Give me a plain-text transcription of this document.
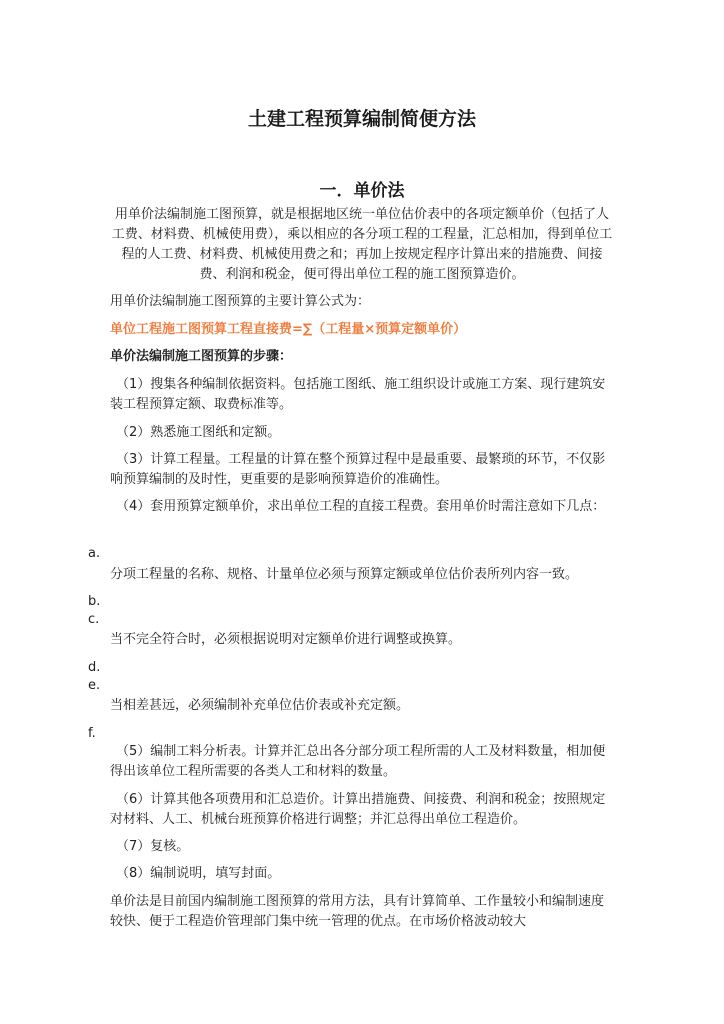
土建工程预算编制简便方法
一．单价法

用单价法编制施工图预算，就是根据地区统一单位估价表中的各项定额单价（包括了人工费、材料费、机械使用费），乘以相应的各分项工程的工程量，汇总相加，得到单位工程的人工费、材料费、机械使用费之和；再加上按规定程序计算出来的措施费、间接费、利润和税金，便可得出单位工程的施工图预算造价。

用单价法编制施工图预算的主要计算公式为：

单位工程施工图预算工程直接费=∑（工程量×预算定额单价）

单价法编制施工图预算的步骤：

（1）搜集各种编制依据资料。包括施工图纸、施工组织设计或施工方案、现行建筑安装工程预算定额、取费标准等。

（2）熟悉施工图纸和定额。

（3）计算工程量。工程量的计算在整个预算过程中是最重要、最繁琐的环节，不仅影响预算编制的及时性，更重要的是影响预算造价的准确性。

（4）套用预算定额单价，求出单位工程的直接工程费。套用单价时需注意如下几点：

a.

分项工程量的名称、规格、计量单位必须与预算定额或单位估价表所列内容一致。

b.

c.

当不完全符合时，必须根据说明对定额单价进行调整或换算。

d.

e.

当相差甚远，必须编制补充单位估价表或补充定额。

f.

（5）编制工料分析表。计算并汇总出各分部分项工程所需的人工及材料数量，相加便得出该单位工程所需要的各类人工和材料的数量。

（6）计算其他各项费用和汇总造价。计算出措施费、间接费、利润和税金；按照规定对材料、人工、机械台班预算价格进行调整；并汇总得出单位工程造价。

（7）复核。

（8）编制说明，填写封面。

单价法是目前国内编制施工图预算的常用方法，具有计算简单、工作量较小和编制速度较快、便于工程造价管理部门集中统一管理的优点。在市场价格波动较大
